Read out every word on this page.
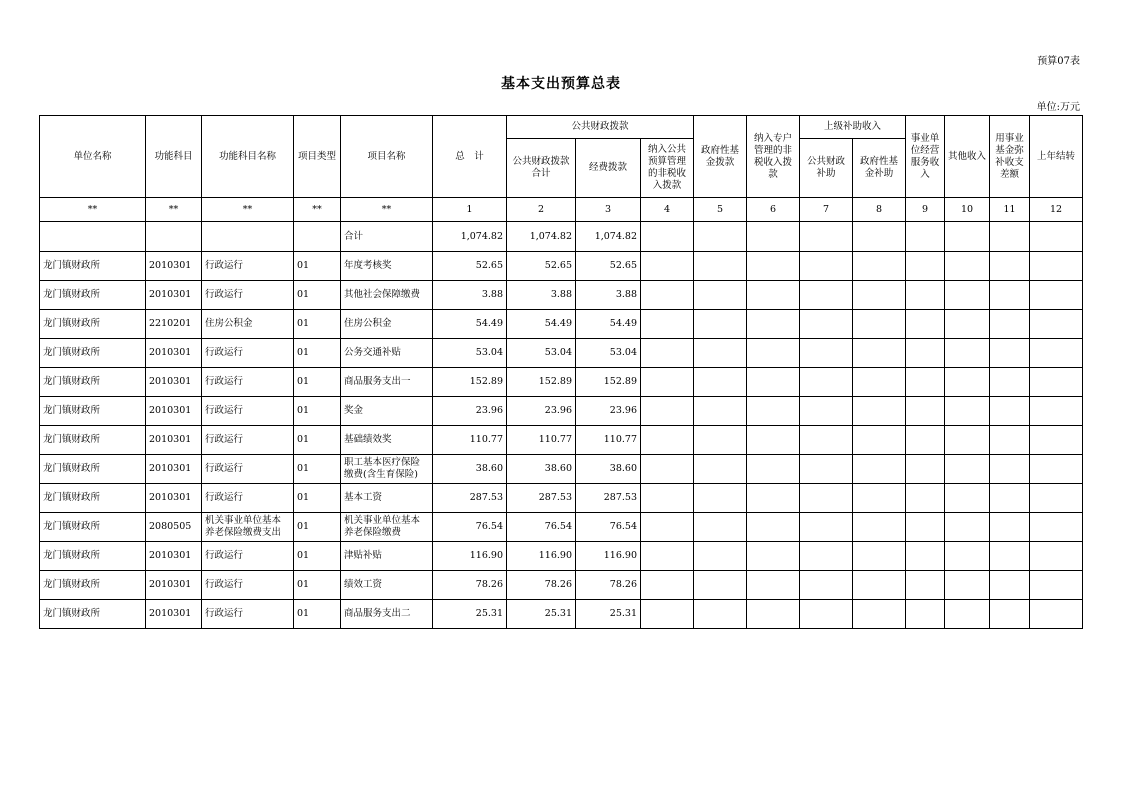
预算07表
基本支出预算总表
单位:万元
单位名称	功能科目	功能科目名称	项目类型	项目名称	总　计	公共财政拨款			政府性基金拨款	纳入专户管理的非税收入拨款	上级补助收入		事业单位经营服务收入	其他收入	用事业基金弥补收支差额	上年结转
						公共财政拨款合计	经费拨款	纳入公共预算管理的非税收入拨款			公共财政补助	政府性基金补助				
**	**	**	**	**	1	2	3	4	5	6	7	8	9	10	11	12
				合计	1,074.82	1,074.82	1,074.82									
龙门镇财政所	2010301	行政运行	01	年度考核奖	52.65	52.65	52.65									
龙门镇财政所	2010301	行政运行	01	其他社会保障缴费	3.88	3.88	3.88									
龙门镇财政所	2210201	住房公积金	01	住房公积金	54.49	54.49	54.49									
龙门镇财政所	2010301	行政运行	01	公务交通补贴	53.04	53.04	53.04									
龙门镇财政所	2010301	行政运行	01	商品服务支出一	152.89	152.89	152.89									
龙门镇财政所	2010301	行政运行	01	奖金	23.96	23.96	23.96									
龙门镇财政所	2010301	行政运行	01	基础绩效奖	110.77	110.77	110.77									
龙门镇财政所	2010301	行政运行	01	职工基本医疗保险缴费(含生育保险)	38.60	38.60	38.60									
龙门镇财政所	2010301	行政运行	01	基本工资	287.53	287.53	287.53									
龙门镇财政所	2080505	机关事业单位基本养老保险缴费支出	01	机关事业单位基本养老保险缴费	76.54	76.54	76.54									
龙门镇财政所	2010301	行政运行	01	津贴补贴	116.90	116.90	116.90									
龙门镇财政所	2010301	行政运行	01	绩效工资	78.26	78.26	78.26									
龙门镇财政所	2010301	行政运行	01	商品服务支出二	25.31	25.31	25.31									
